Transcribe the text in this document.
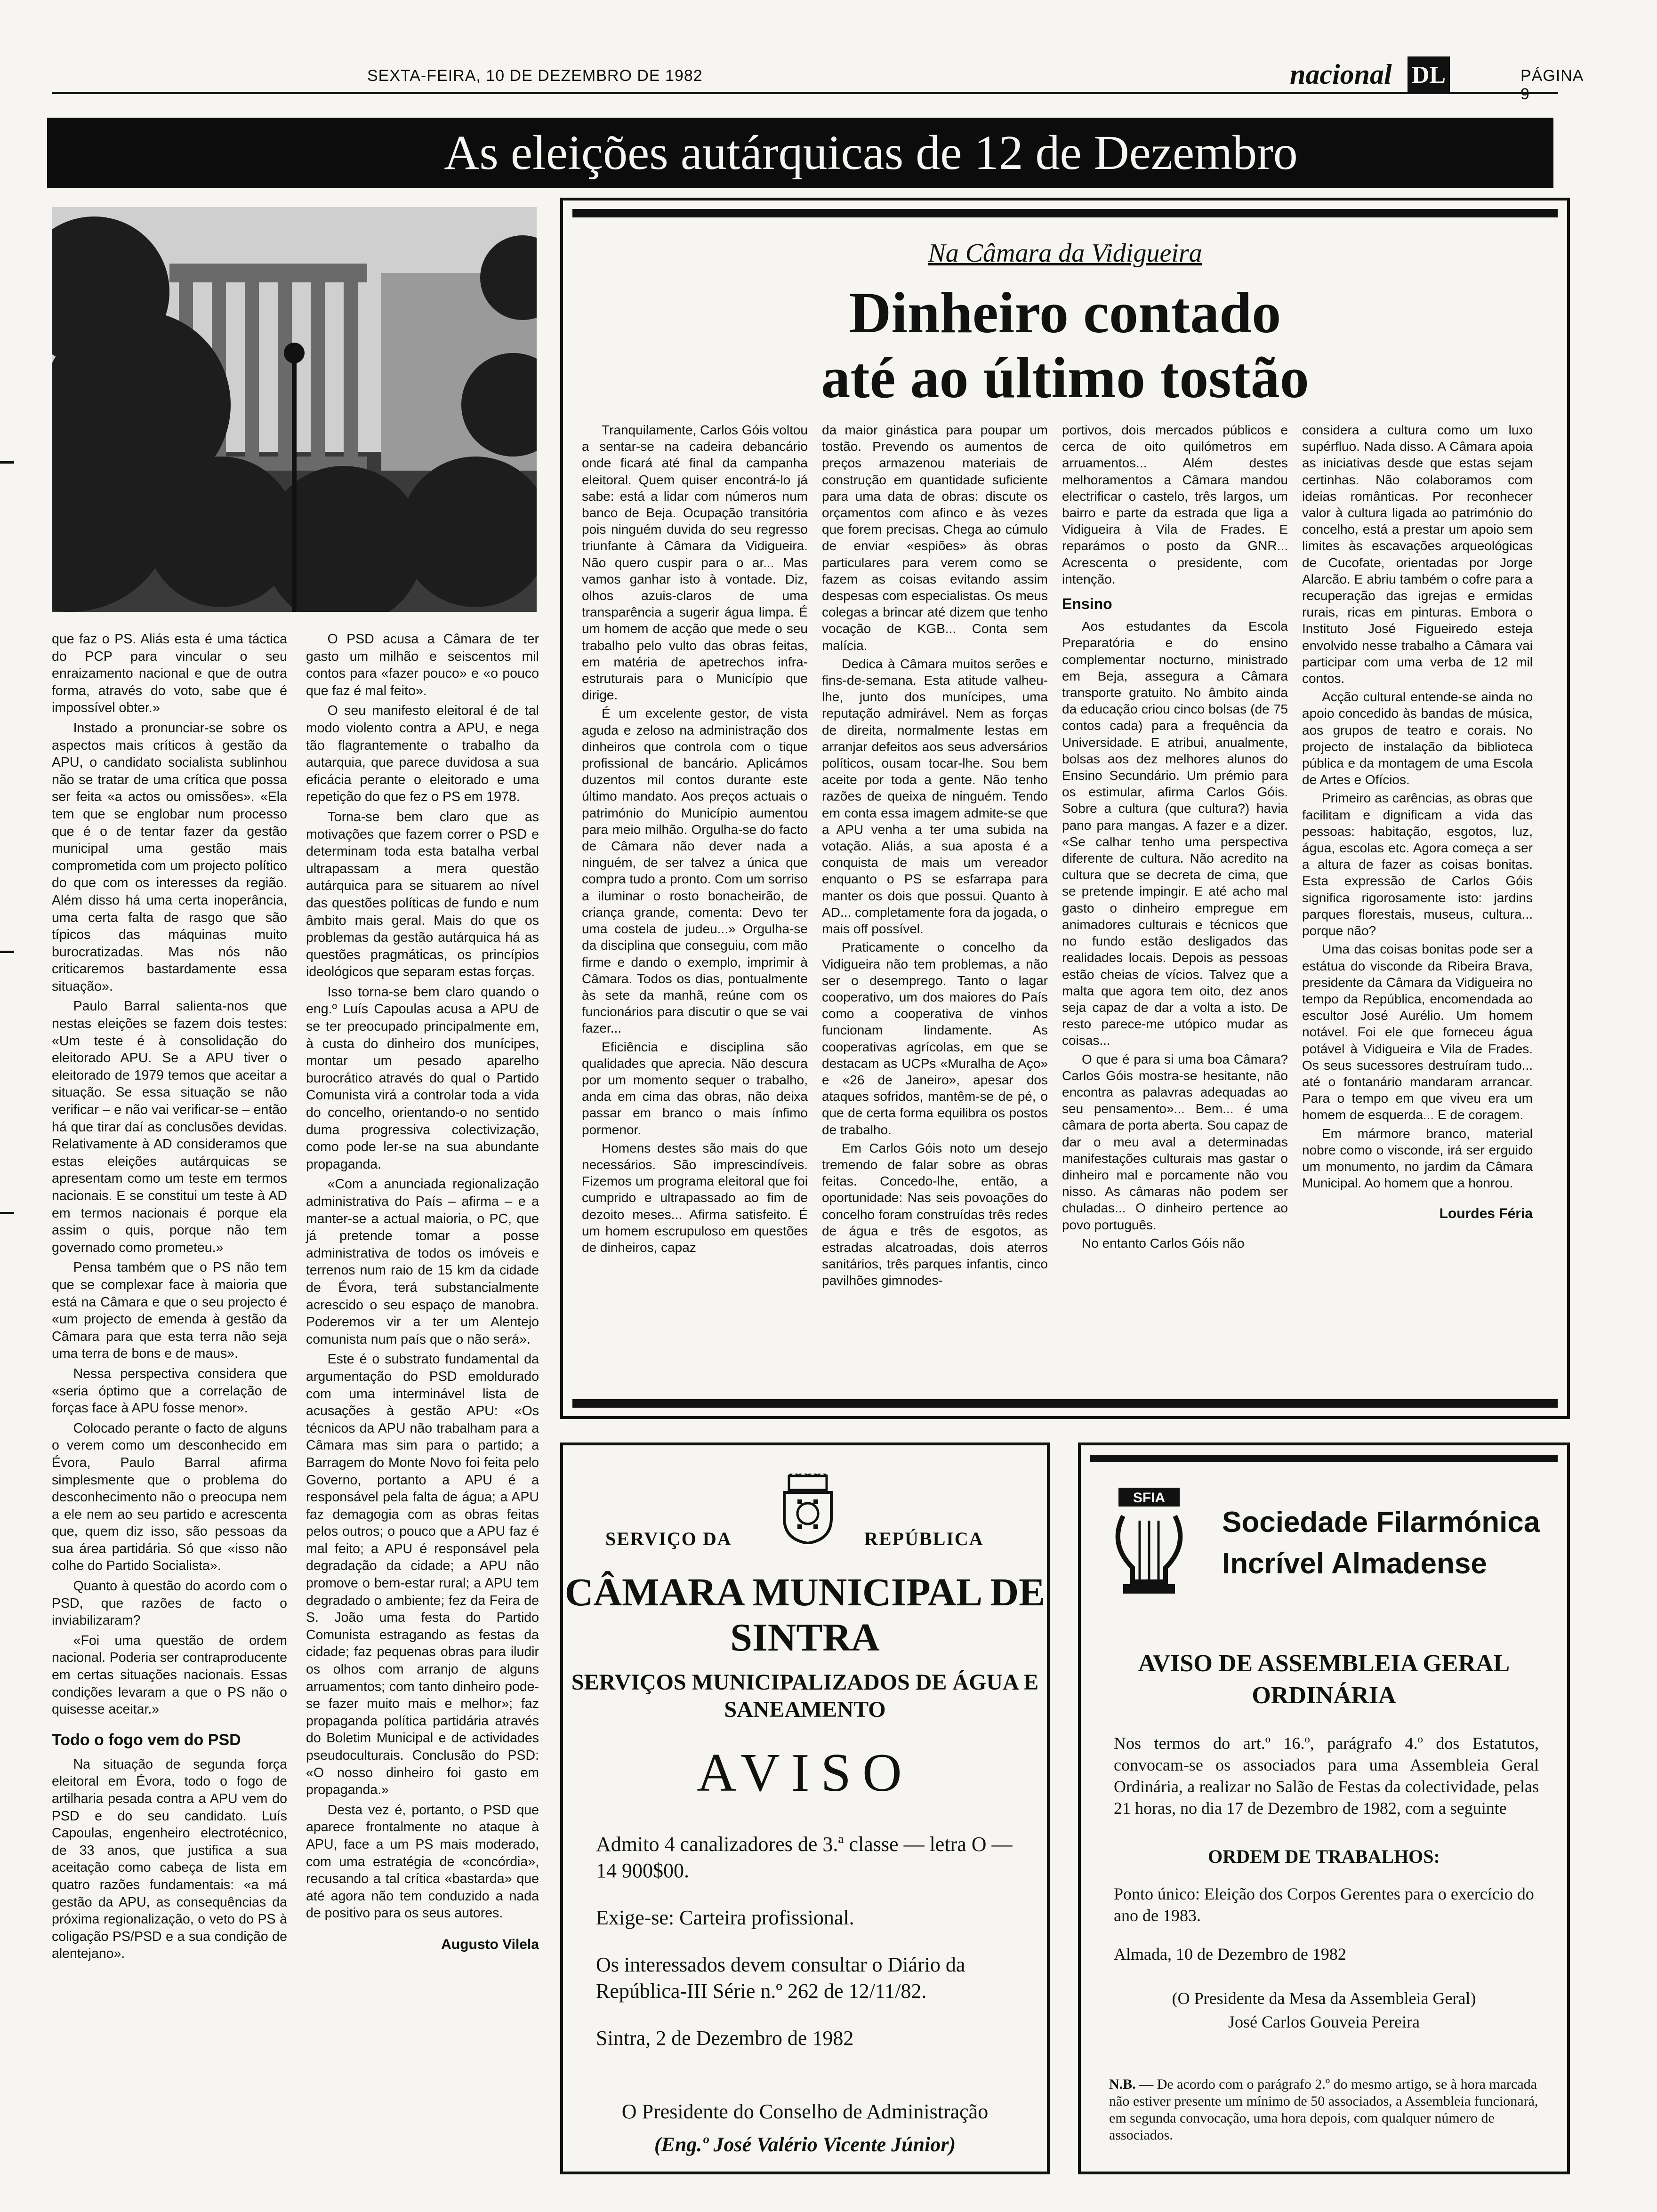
SEXTA-FEIRA, 10 DE DEZEMBRO DE 1982	nacional DL	PÁGINA 9
As eleições autárquicas de 12 de Dezembro

que faz o PS. Aliás esta é uma táctica do PCP para vincular o seu enraizamento nacional e que de outra forma, através do voto, sabe que é impossível obter.»

Instado a pronunciar-se sobre os aspectos mais críticos à gestão da APU, o candidato socialista sublinhou não se tratar de uma crítica que possa ser feita «a actos ou omissões». «Ela tem que se englobar num processo que é o de tentar fazer da gestão municipal uma gestão mais comprometida com um projecto político do que com os interesses da região. Além disso há uma certa inoperância, uma certa falta de rasgo que são típicos das máquinas muito burocratizadas. Mas nós não criticaremos bastardamente essa situação».

Paulo Barral salienta-nos que nestas eleições se fazem dois testes: «Um teste é à consolidação do eleitorado APU. Se a APU tiver o eleitorado de 1979 temos que aceitar a situação. Se essa situação se não verificar – e não vai verificar-se – então há que tirar daí as conclusões devidas. Relativamente à AD consideramos que estas eleições autárquicas se apresentam como um teste em termos nacionais. E se constitui um teste à AD em termos nacionais é porque ela assim o quis, porque não tem governado como prometeu.»

Pensa também que o PS não tem que se complexar face à maioria que está na Câmara e que o seu projecto é «um projecto de emenda à gestão da Câmara para que esta terra não seja uma terra de bons e de maus».

Nessa perspectiva considera que «seria óptimo que a correlação de forças face à APU fosse menor».

Colocado perante o facto de alguns o verem como um desconhecido em Évora, Paulo Barral afirma simplesmente que o problema do desconhecimento não o preocupa nem a ele nem ao seu partido e acrescenta que, quem diz isso, são pessoas da sua área partidária. Só que «isso não colhe do Partido Socialista».

Quanto à questão do acordo com o PSD, que razões de facto o inviabilizaram?

«Foi uma questão de ordem nacional. Poderia ser contraproducente em certas situações nacionais. Essas condições levaram a que o PS não o quisesse aceitar.»

Todo o fogo vem do PSD

Na situação de segunda força eleitoral em Évora, todo o fogo de artilharia pesada contra a APU vem do PSD e do seu candidato. Luís Capoulas, engenheiro electrotécnico, de 33 anos, que justifica a sua aceitação como cabeça de lista em quatro razões fundamentais: «a má gestão da APU, as consequências da próxima regionalização, o veto do PS à coligação PS/PSD e a sua condição de alentejano».

O PSD acusa a Câmara de ter gasto um milhão e seiscentos mil contos para «fazer pouco» e «o pouco que faz é mal feito».

O seu manifesto eleitoral é de tal modo violento contra a APU, e nega tão flagrantemente o trabalho da autarquia, que parece duvidosa a sua eficácia perante o eleitorado e uma repetição do que fez o PS em 1978.

Torna-se bem claro que as motivações que fazem correr o PSD e determinam toda esta batalha verbal ultrapassam a mera questão autárquica para se situarem ao nível das questões políticas de fundo e num âmbito mais geral. Mais do que os problemas da gestão autárquica há as questões pragmáticas, os princípios ideológicos que separam estas forças.

Isso torna-se bem claro quando o eng.º Luís Capoulas acusa a APU de se ter preocupado principalmente em, à custa do dinheiro dos munícipes, montar um pesado aparelho burocrático através do qual o Partido Comunista virá a controlar toda a vida do concelho, orientando-o no sentido duma progressiva colectivização, como pode ler-se na sua abundante propaganda.

«Com a anunciada regionalização administrativa do País – afirma – e a manter-se a actual maioria, o PC, que já pretende tomar a posse administrativa de todos os imóveis e terrenos num raio de 15 km da cidade de Évora, terá substancialmente acrescido o seu espaço de manobra. Poderemos vir a ter um Alentejo comunista num país que o não será».

Este é o substrato fundamental da argumentação do PSD emoldurado com uma interminável lista de acusações à gestão APU: «Os técnicos da APU não trabalham para a Câmara mas sim para o partido; a Barragem do Monte Novo foi feita pelo Governo, portanto a APU é a responsável pela falta de água; a APU faz demagogia com as obras feitas pelos outros; o pouco que a APU faz é mal feito; a APU é responsável pela degradação da cidade; a APU não promove o bem-estar rural; a APU tem degradado o ambiente; fez da Feira de S. João uma festa do Partido Comunista estragando as festas da cidade; faz pequenas obras para iludir os olhos com arranjo de alguns arruamentos; com tanto dinheiro pode-se fazer muito mais e melhor»; faz propaganda política partidária através do Boletim Municipal e de actividades pseudoculturais. Conclusão do PSD: «O nosso dinheiro foi gasto em propaganda.»

Desta vez é, portanto, o PSD que aparece frontalmente no ataque à APU, face a um PS mais moderado, com uma estratégia de «concórdia», recusando a tal crítica «bastarda» que até agora não tem conduzido a nada de positivo para os seus autores.

Augusto Vilela
Na Câmara da Vidigueira
Dinheiro contado
até ao último tostão

Tranquilamente, Carlos Góis voltou a sentar-se na cadeira debancário onde ficará até final da campanha eleitoral. Quem quiser encontrá-lo já sabe: está a lidar com números num banco de Beja. Ocupação transitória pois ninguém duvida do seu regresso triunfante à Câmara da Vidigueira. Não quero cuspir para o ar... Mas vamos ganhar isto à vontade. Diz, olhos azuis-claros de uma transparência a sugerir água limpa. É um homem de acção que mede o seu trabalho pelo vulto das obras feitas, em matéria de apetrechos infra-estruturais para o Município que dirige.

É um excelente gestor, de vista aguda e zeloso na administração dos dinheiros que controla com o tique profissional de bancário. Aplicámos duzentos mil contos durante este último mandato. Aos preços actuais o património do Município aumentou para meio milhão. Orgulha-se do facto de Câmara não dever nada a ninguém, de ser talvez a única que compra tudo a pronto. Com um sorriso a iluminar o rosto bonacheirão, de criança grande, comenta: Devo ter uma costela de judeu...» Orgulha-se da disciplina que conseguiu, com mão firme e dando o exemplo, imprimir à Câmara. Todos os dias, pontualmente às sete da manhã, reúne com os funcionários para discutir o que se vai fazer...

Eficiência e disciplina são qualidades que aprecia. Não descura por um momento sequer o trabalho, anda em cima das obras, não deixa passar em branco o mais ínfimo pormenor.

Homens destes são mais do que necessários. São imprescindíveis. Fizemos um programa eleitoral que foi cumprido e ultrapassado ao fim de dezoito meses... Afirma satisfeito. É um homem escrupuloso em questões de dinheiros, capaz

da maior ginástica para poupar um tostão. Prevendo os aumentos de preços armazenou materiais de construção em quantidade suficiente para uma data de obras: discute os orçamentos com afinco e às vezes que forem precisas. Chega ao cúmulo de enviar «espiões» às obras particulares para verem como se fazem as coisas evitando assim despesas com especialistas. Os meus colegas a brincar até dizem que tenho vocação de KGB... Conta sem malícia.

Dedica à Câmara muitos serões e fins-de-semana. Esta atitude valheu-lhe, junto dos munícipes, uma reputação admirável. Nem as forças de direita, normalmente lestas em arranjar defeitos aos seus adversários políticos, ousam tocar-lhe. Sou bem aceite por toda a gente. Não tenho razões de queixa de ninguém. Tendo em conta essa imagem admite-se que a APU venha a ter uma subida na votação. Aliás, a sua aposta é a conquista de mais um vereador enquanto o PS se esfarrapa para manter os dois que possui. Quanto à AD... completamente fora da jogada, o mais off possível.

Praticamente o concelho da Vidigueira não tem problemas, a não ser o desemprego. Tanto o lagar cooperativo, um dos maiores do País como a cooperativa de vinhos funcionam lindamente. As cooperativas agrícolas, em que se destacam as UCPs «Muralha de Aço» e «26 de Janeiro», apesar dos ataques sofridos, mantêm-se de pé, o que de certa forma equilibra os postos de trabalho.

Em Carlos Góis noto um desejo tremendo de falar sobre as obras feitas. Concedo-lhe, então, a oportunidade: Nas seis povoações do concelho foram construídas três redes de água e três de esgotos, as estradas alcatroadas, dois aterros sanitários, três parques infantis, cinco pavilhões gimnodes-

portivos, dois mercados públicos e cerca de oito quilómetros em arruamentos... Além destes melhoramentos a Câmara mandou electrificar o castelo, três largos, um bairro e parte da estrada que liga a Vidigueira à Vila de Frades. E reparámos o posto da GNR... Acrescenta o presidente, com intenção.

Ensino

Aos estudantes da Escola Preparatória e do ensino complementar nocturno, ministrado em Beja, assegura a Câmara transporte gratuito. No âmbito ainda da educação criou cinco bolsas (de 75 contos cada) para a frequência da Universidade. E atribui, anualmente, bolsas aos dez melhores alunos do Ensino Secundário. Um prémio para os estimular, afirma Carlos Góis. Sobre a cultura (que cultura?) havia pano para mangas. A fazer e a dizer. «Se calhar tenho uma perspectiva diferente de cultura. Não acredito na cultura que se decreta de cima, que se pretende impingir. E até acho mal gasto o dinheiro empregue em animadores culturais e técnicos que no fundo estão desligados das realidades locais. Depois as pessoas estão cheias de vícios. Talvez que a malta que agora tem oito, dez anos seja capaz de dar a volta a isto. De resto parece-me utópico mudar as coisas...

O que é para si uma boa Câmara? Carlos Góis mostra-se hesitante, não encontra as palavras adequadas ao seu pensamento»... Bem... é uma câmara de porta aberta. Sou capaz de dar o meu aval a determinadas manifestações culturais mas gastar o dinheiro mal e porcamente não vou nisso. As câmaras não podem ser chuladas... O dinheiro pertence ao povo português.

No entanto Carlos Góis não

considera a cultura como um luxo supérfluo. Nada disso. A Câmara apoia as iniciativas desde que estas sejam certinhas. Não colaboramos com ideias românticas. Por reconhecer valor à cultura ligada ao património do concelho, está a prestar um apoio sem limites às escavações arqueológicas de Cucofate, orientadas por Jorge Alarcão. E abriu também o cofre para a recuperação das igrejas e ermidas rurais, ricas em pinturas. Embora o Instituto José Figueiredo esteja envolvido nesse trabalho a Câmara vai participar com uma verba de 12 mil contos.

Acção cultural entende-se ainda no apoio concedido às bandas de música, aos grupos de teatro e corais. No projecto de instalação da biblioteca pública e da montagem de uma Escola de Artes e Ofícios.

Primeiro as carências, as obras que facilitam e dignificam a vida das pessoas: habitação, esgotos, luz, água, escolas etc. Agora começa a ser a altura de fazer as coisas bonitas. Esta expressão de Carlos Góis significa rigorosamente isto: jardins parques florestais, museus, cultura... porque não?

Uma das coisas bonitas pode ser a estátua do visconde da Ribeira Brava, presidente da Câmara da Vidigueira no tempo da República, encomendada ao escultor José Aurélio. Um homem notável. Foi ele que forneceu água potável à Vidigueira e Vila de Frades. Os seus sucessores destruíram tudo... até o fontanário mandaram arrancar. Para o tempo em que viveu era um homem de esquerda... E de coragem.

Em mármore branco, material nobre como o visconde, irá ser erguido um monumento, no jardim da Câmara Municipal. Ao homem que a honrou.

Lourdes Féria
SERVIÇO DA	REPÚBLICA
CÂMARA MUNICIPAL DE SINTRA
SERVIÇOS MUNICIPALIZADOS DE ÁGUA E SANEAMENTO
AVISO

Admito 4 canalizadores de 3.ª classe — letra O — 14 900$00.

Exige-se: Carteira profissional.

Os interessados devem consultar o Diário da República-III Série n.º 262 de 12/11/82.

Sintra, 2 de Dezembro de 1982

O Presidente do Conselho de Administração
(Eng.º José Valério Vicente Júnior)
SFIA
Sociedade Filarmónica
Incrível Almadense
AVISO DE ASSEMBLEIA GERAL ORDINÁRIA
Nos termos do art.º 16.º, parágrafo 4.º dos Estatutos, convocam-se os associados para uma Assembleia Geral Ordinária, a realizar no Salão de Festas da colectividade, pelas 21 horas, no dia 17 de Dezembro de 1982, com a seguinte
ORDEM DE TRABALHOS:
Ponto único: Eleição dos Corpos Gerentes para o exercício do ano de 1983.
Almada, 10 de Dezembro de 1982
(O Presidente da Mesa da Assembleia Geral)
José Carlos Gouveia Pereira
N.B. — De acordo com o parágrafo 2.º do mesmo artigo, se à hora marcada não estiver presente um mínimo de 50 associados, a Assembleia funcionará, em segunda convocação, uma hora depois, com qualquer número de associados.
